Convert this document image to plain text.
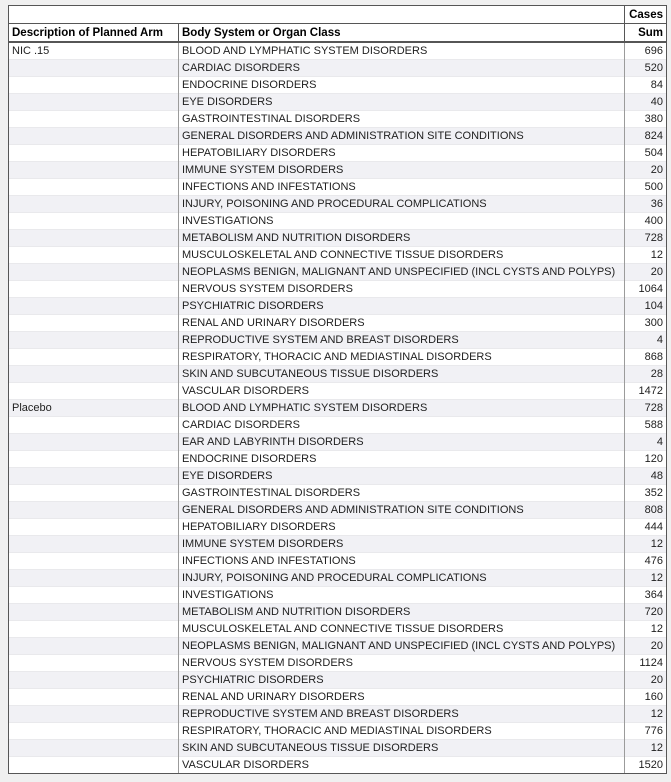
		Cases
Description of Planned Arm	Body System or Organ Class	Sum
NIC .15	BLOOD AND LYMPHATIC SYSTEM DISORDERS	696
	CARDIAC DISORDERS	520
	ENDOCRINE DISORDERS	84
	EYE DISORDERS	40
	GASTROINTESTINAL DISORDERS	380
	GENERAL DISORDERS AND ADMINISTRATION SITE CONDITIONS	824
	HEPATOBILIARY DISORDERS	504
	IMMUNE SYSTEM DISORDERS	20
	INFECTIONS AND INFESTATIONS	500
	INJURY, POISONING AND PROCEDURAL COMPLICATIONS	36
	INVESTIGATIONS	400
	METABOLISM AND NUTRITION DISORDERS	728
	MUSCULOSKELETAL AND CONNECTIVE TISSUE DISORDERS	12
	NEOPLASMS BENIGN, MALIGNANT AND UNSPECIFIED (INCL CYSTS AND POLYPS)	20
	NERVOUS SYSTEM DISORDERS	1064
	PSYCHIATRIC DISORDERS	104
	RENAL AND URINARY DISORDERS	300
	REPRODUCTIVE SYSTEM AND BREAST DISORDERS	4
	RESPIRATORY, THORACIC AND MEDIASTINAL DISORDERS	868
	SKIN AND SUBCUTANEOUS TISSUE DISORDERS	28
	VASCULAR DISORDERS	1472
Placebo	BLOOD AND LYMPHATIC SYSTEM DISORDERS	728
	CARDIAC DISORDERS	588
	EAR AND LABYRINTH DISORDERS	4
	ENDOCRINE DISORDERS	120
	EYE DISORDERS	48
	GASTROINTESTINAL DISORDERS	352
	GENERAL DISORDERS AND ADMINISTRATION SITE CONDITIONS	808
	HEPATOBILIARY DISORDERS	444
	IMMUNE SYSTEM DISORDERS	12
	INFECTIONS AND INFESTATIONS	476
	INJURY, POISONING AND PROCEDURAL COMPLICATIONS	12
	INVESTIGATIONS	364
	METABOLISM AND NUTRITION DISORDERS	720
	MUSCULOSKELETAL AND CONNECTIVE TISSUE DISORDERS	12
	NEOPLASMS BENIGN, MALIGNANT AND UNSPECIFIED (INCL CYSTS AND POLYPS)	20
	NERVOUS SYSTEM DISORDERS	1124
	PSYCHIATRIC DISORDERS	20
	RENAL AND URINARY DISORDERS	160
	REPRODUCTIVE SYSTEM AND BREAST DISORDERS	12
	RESPIRATORY, THORACIC AND MEDIASTINAL DISORDERS	776
	SKIN AND SUBCUTANEOUS TISSUE DISORDERS	12
	VASCULAR DISORDERS	1520
